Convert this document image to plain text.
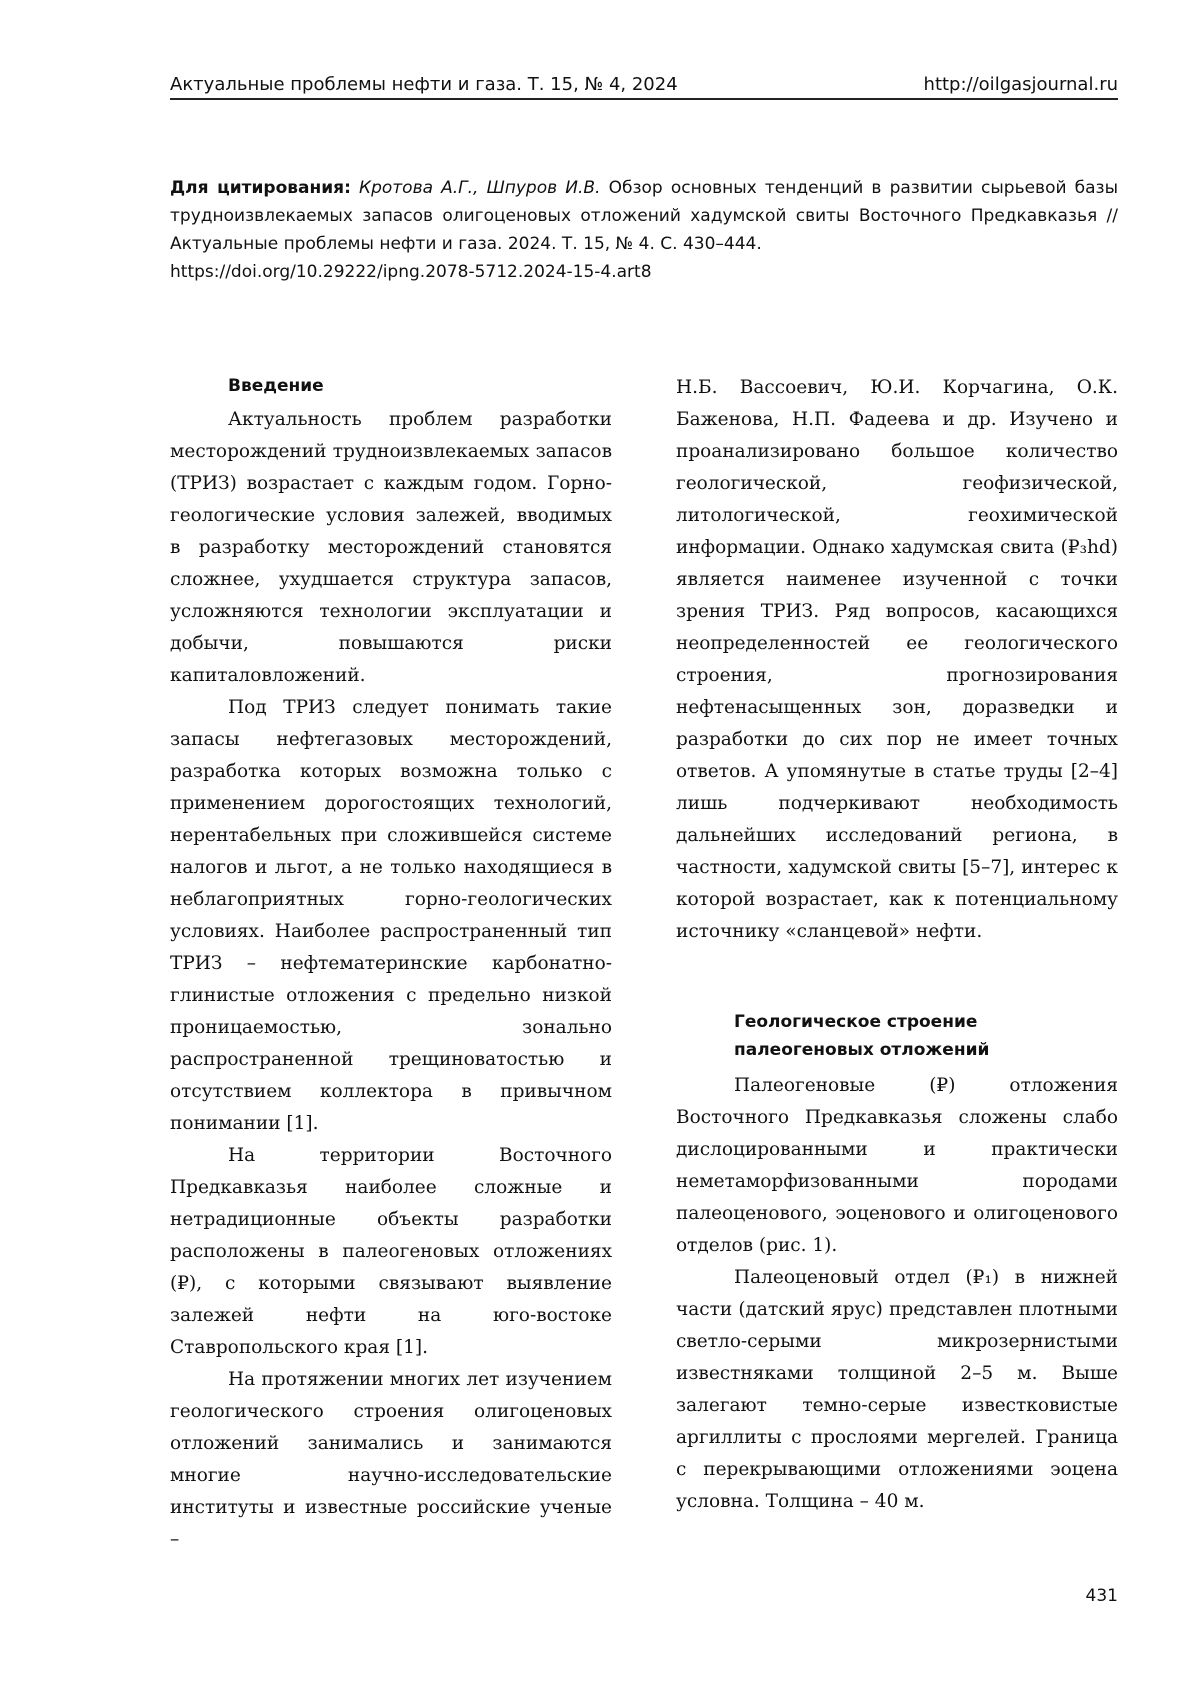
Актуальные проблемы нефти и газа. Т. 15, № 4, 2024	http://oilgasjournal.ru
Для цитирования: Кротова А.Г., Шпуров И.В. Обзор основных тенденций в развитии сырьевой базы трудноизвлекаемых запасов олигоценовых отложений хадумской свиты Восточного Предкавказья // Актуальные проблемы нефти и газа. 2024. Т. 15, № 4. С. 430–444.
https://doi.org/10.29222/ipng.2078-5712.2024-15-4.art8
Введение

Актуальность проблем разработки месторождений трудноизвлекаемых запасов (ТРИЗ) возрастает с каждым годом. Горно-геологические условия залежей, вводимых в разработку месторождений становятся сложнее, ухудшается структура запасов, усложняются технологии эксплуатации и добычи, повышаются риски капиталовложений.

Под ТРИЗ следует понимать такие запасы нефтегазовых месторождений, разработка которых возможна только с применением дорогостоящих технологий, нерентабельных при сложившейся системе налогов и льгот, а не только находящиеся в неблагоприятных горно-геологических условиях. Наиболее распространенный тип ТРИЗ – нефтематеринские карбонатно-глинистые отложения с предельно низкой проницаемостью, зонально распространенной трещиноватостью и отсутствием коллектора в привычном понимании [1].

На территории Восточного Предкавказья наиболее сложные и нетрадиционные объекты разработки расположены в палеогеновых отложениях (₽), с которыми связывают выявление залежей нефти на юго-востоке Ставропольского края [1].

На протяжении многих лет изучением геологического строения олигоценовых отложений занимались и занимаются многие научно-исследовательские институты и известные российские ученые –

Н.Б. Вассоевич, Ю.И. Корчагина, О.К. Баженова, Н.П. Фадеева и др. Изучено и проанализировано большое количество геологической, геофизической, литологической, геохимической информации. Однако хадумская свита (₽₃hd) является наименее изученной с точки зрения ТРИЗ. Ряд вопросов, касающихся неопределенностей ее геологического строения, прогнозирования нефтенасыщенных зон, доразведки и разработки до сих пор не имеет точных ответов. А упомянутые в статье труды [2–4] лишь подчеркивают необходимость дальнейших исследований региона, в частности, хадумской свиты [5–7], интерес к которой возрастает, как к потенциальному источнику «сланцевой» нефти.

Геологическое строение
палеогеновых отложений

Палеогеновые (₽) отложения Восточного Предкавказья сложены слабо дислоцированными и практически неметаморфизованными породами палеоценового, эоценового и олигоценового отделов (рис. 1).

Палеоценовый отдел (₽₁) в нижней части (датский ярус) представлен плотными светло-серыми микрозернистыми известняками толщиной 2–5 м. Выше залегают темно-серые известковистые аргиллиты с прослоями мергелей. Граница с перекрывающими отложениями эоцена условна. Толщина – 40 м.

431
